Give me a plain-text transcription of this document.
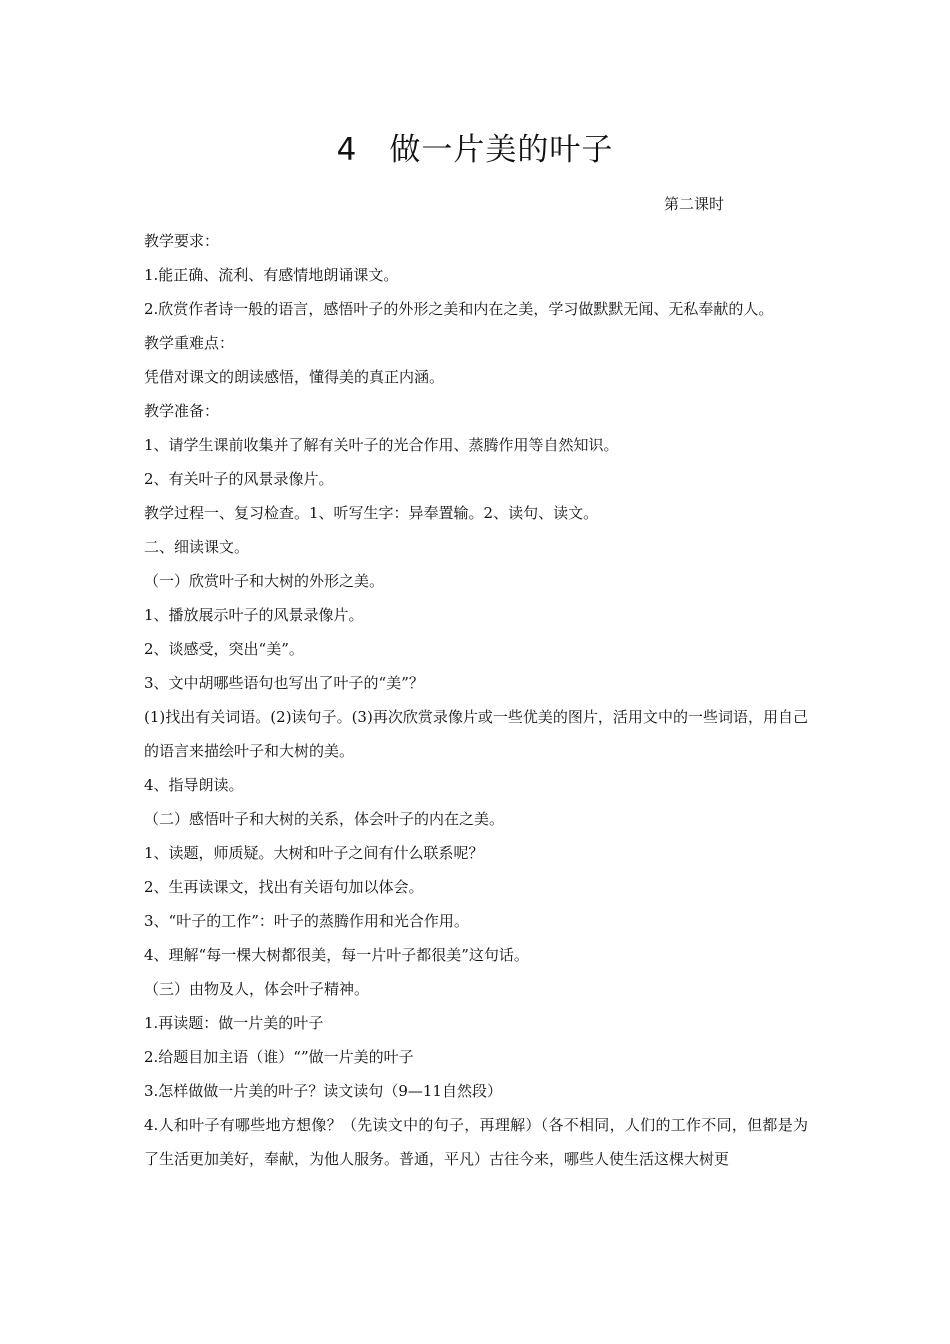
4　做一片美的叶子
第二课时

教学要求：

1.能正确、流利、有感情地朗诵课文。

2.欣赏作者诗一般的语言，感悟叶子的外形之美和内在之美，学习做默默无闻、无私奉献的人。

教学重难点：

凭借对课文的朗读感悟，懂得美的真正内涵。

教学准备：

1、请学生课前收集并了解有关叶子的光合作用、蒸腾作用等自然知识。

2、有关叶子的风景录像片。

教学过程一、复习检查。1、听写生字：异奉置输。2、读句、读文。

二、细读课文。

（一）欣赏叶子和大树的外形之美。

1、播放展示叶子的风景录像片。

2、谈感受，突出“美”。

3、文中胡哪些语句也写出了叶子的“美”？

(1)找出有关词语。(2)读句子。(3)再次欣赏录像片或一些优美的图片，活用文中的一些词语，用自己的语言来描绘叶子和大树的美。

4、指导朗读。

（二）感悟叶子和大树的关系，体会叶子的内在之美。

1、读题，师质疑。大树和叶子之间有什么联系呢？

2、生再读课文，找出有关语句加以体会。

3、“叶子的工作”：叶子的蒸腾作用和光合作用。

4、理解“每一棵大树都很美，每一片叶子都很美”这句话。

（三）由物及人，体会叶子精神。

1.再读题：做一片美的叶子

2.给题目加主语（谁）“”做一片美的叶子

3.怎样做做一片美的叶子？读文读句（9—11自然段）

4.人和叶子有哪些地方想像？（先读文中的句子，再理解）（各不相同，人们的工作不同，但都是为了生活更加美好，奉献，为他人服务。普通，平凡）古往今来，哪些人使生活这棵大树更
